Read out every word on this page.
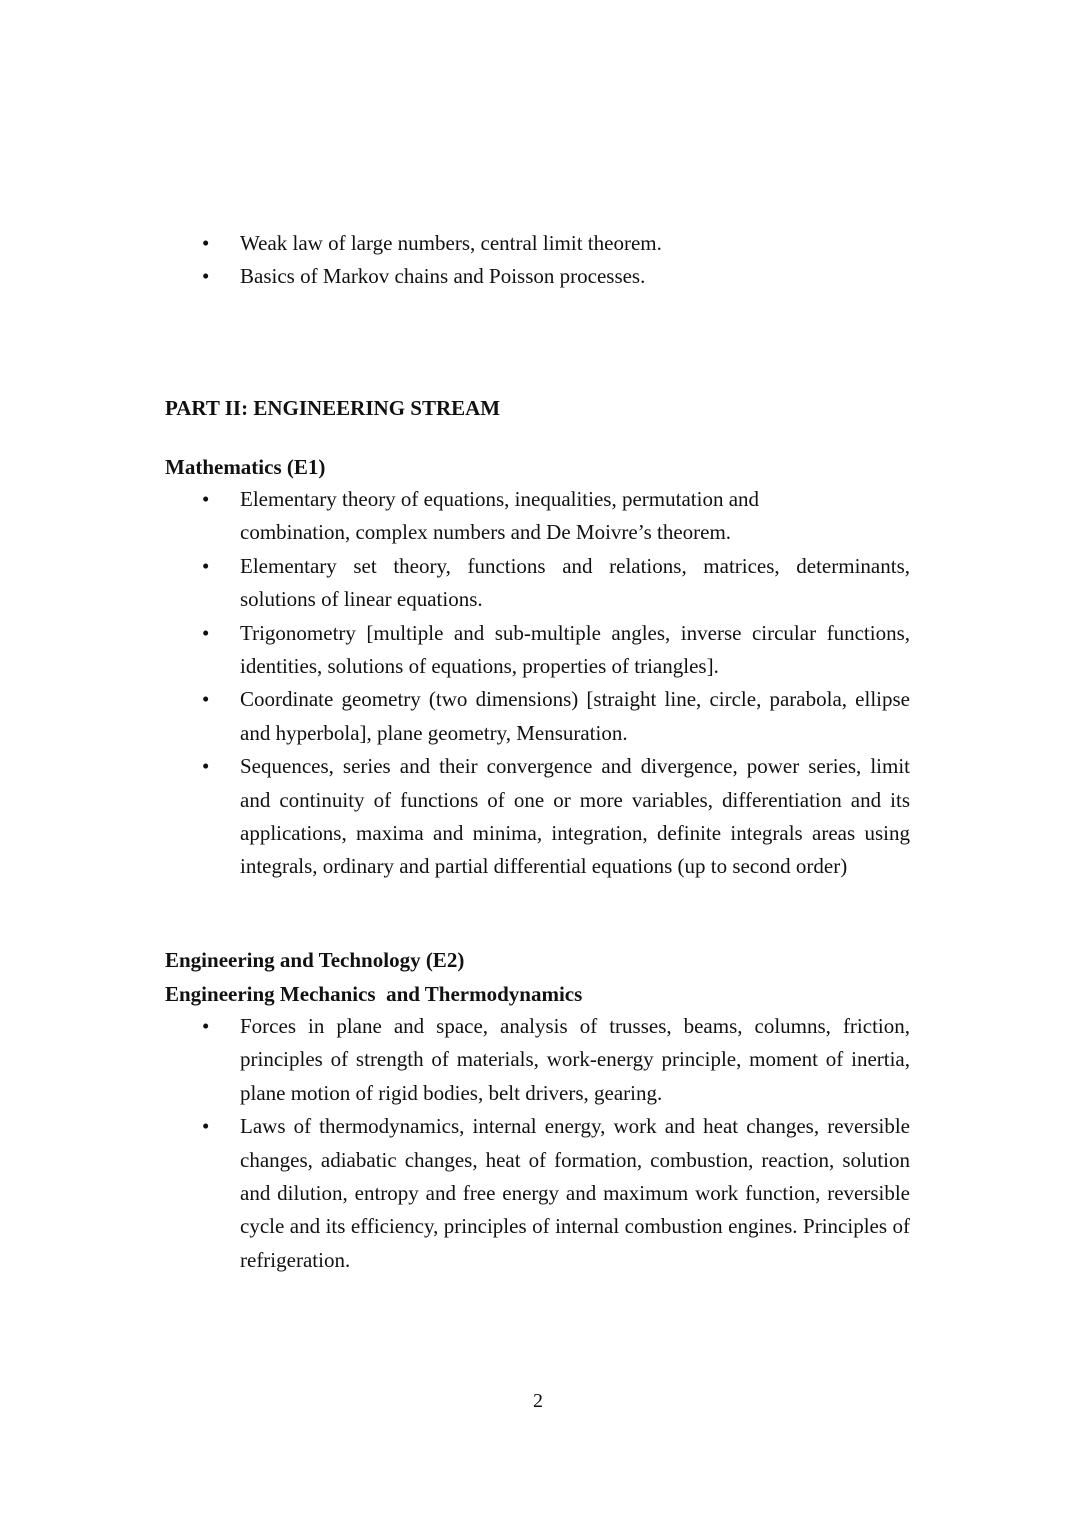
• Weak law of large numbers, central limit theorem.
• Basics of Markov chains and Poisson processes.
PART II: ENGINEERING STREAM
Mathematics (E1)
• Elementary theory of equations, inequalities, permutation and combination, complex numbers and De Moivre’s theorem.
• Elementary set theory, functions and relations, matrices, determinants, solutions of linear equations.
• Trigonometry [multiple and sub-multiple angles, inverse circular functions, identities, solutions of equations, properties of triangles].
• Coordinate geometry (two dimensions) [straight line, circle, parabola, ellipse and hyperbola], plane geometry, Mensuration.
• Sequences, series and their convergence and divergence, power series, limit and continuity of functions of one or more variables, differentiation and its applications, maxima and minima, integration, definite integrals areas using integrals, ordinary and partial differential equations (up to second order)
Engineering and Technology (E2)
Engineering Mechanics  and Thermodynamics
• Forces in plane and space, analysis of trusses, beams, columns, friction, principles of strength of materials, work-energy principle, moment of inertia, plane motion of rigid bodies, belt drivers, gearing.
• Laws of thermodynamics, internal energy, work and heat changes, reversible changes, adiabatic changes, heat of formation, combustion, reaction, solution and dilution, entropy and free energy and maximum work function, reversible cycle and its efficiency, principles of internal combustion engines. Principles of refrigeration.
2
